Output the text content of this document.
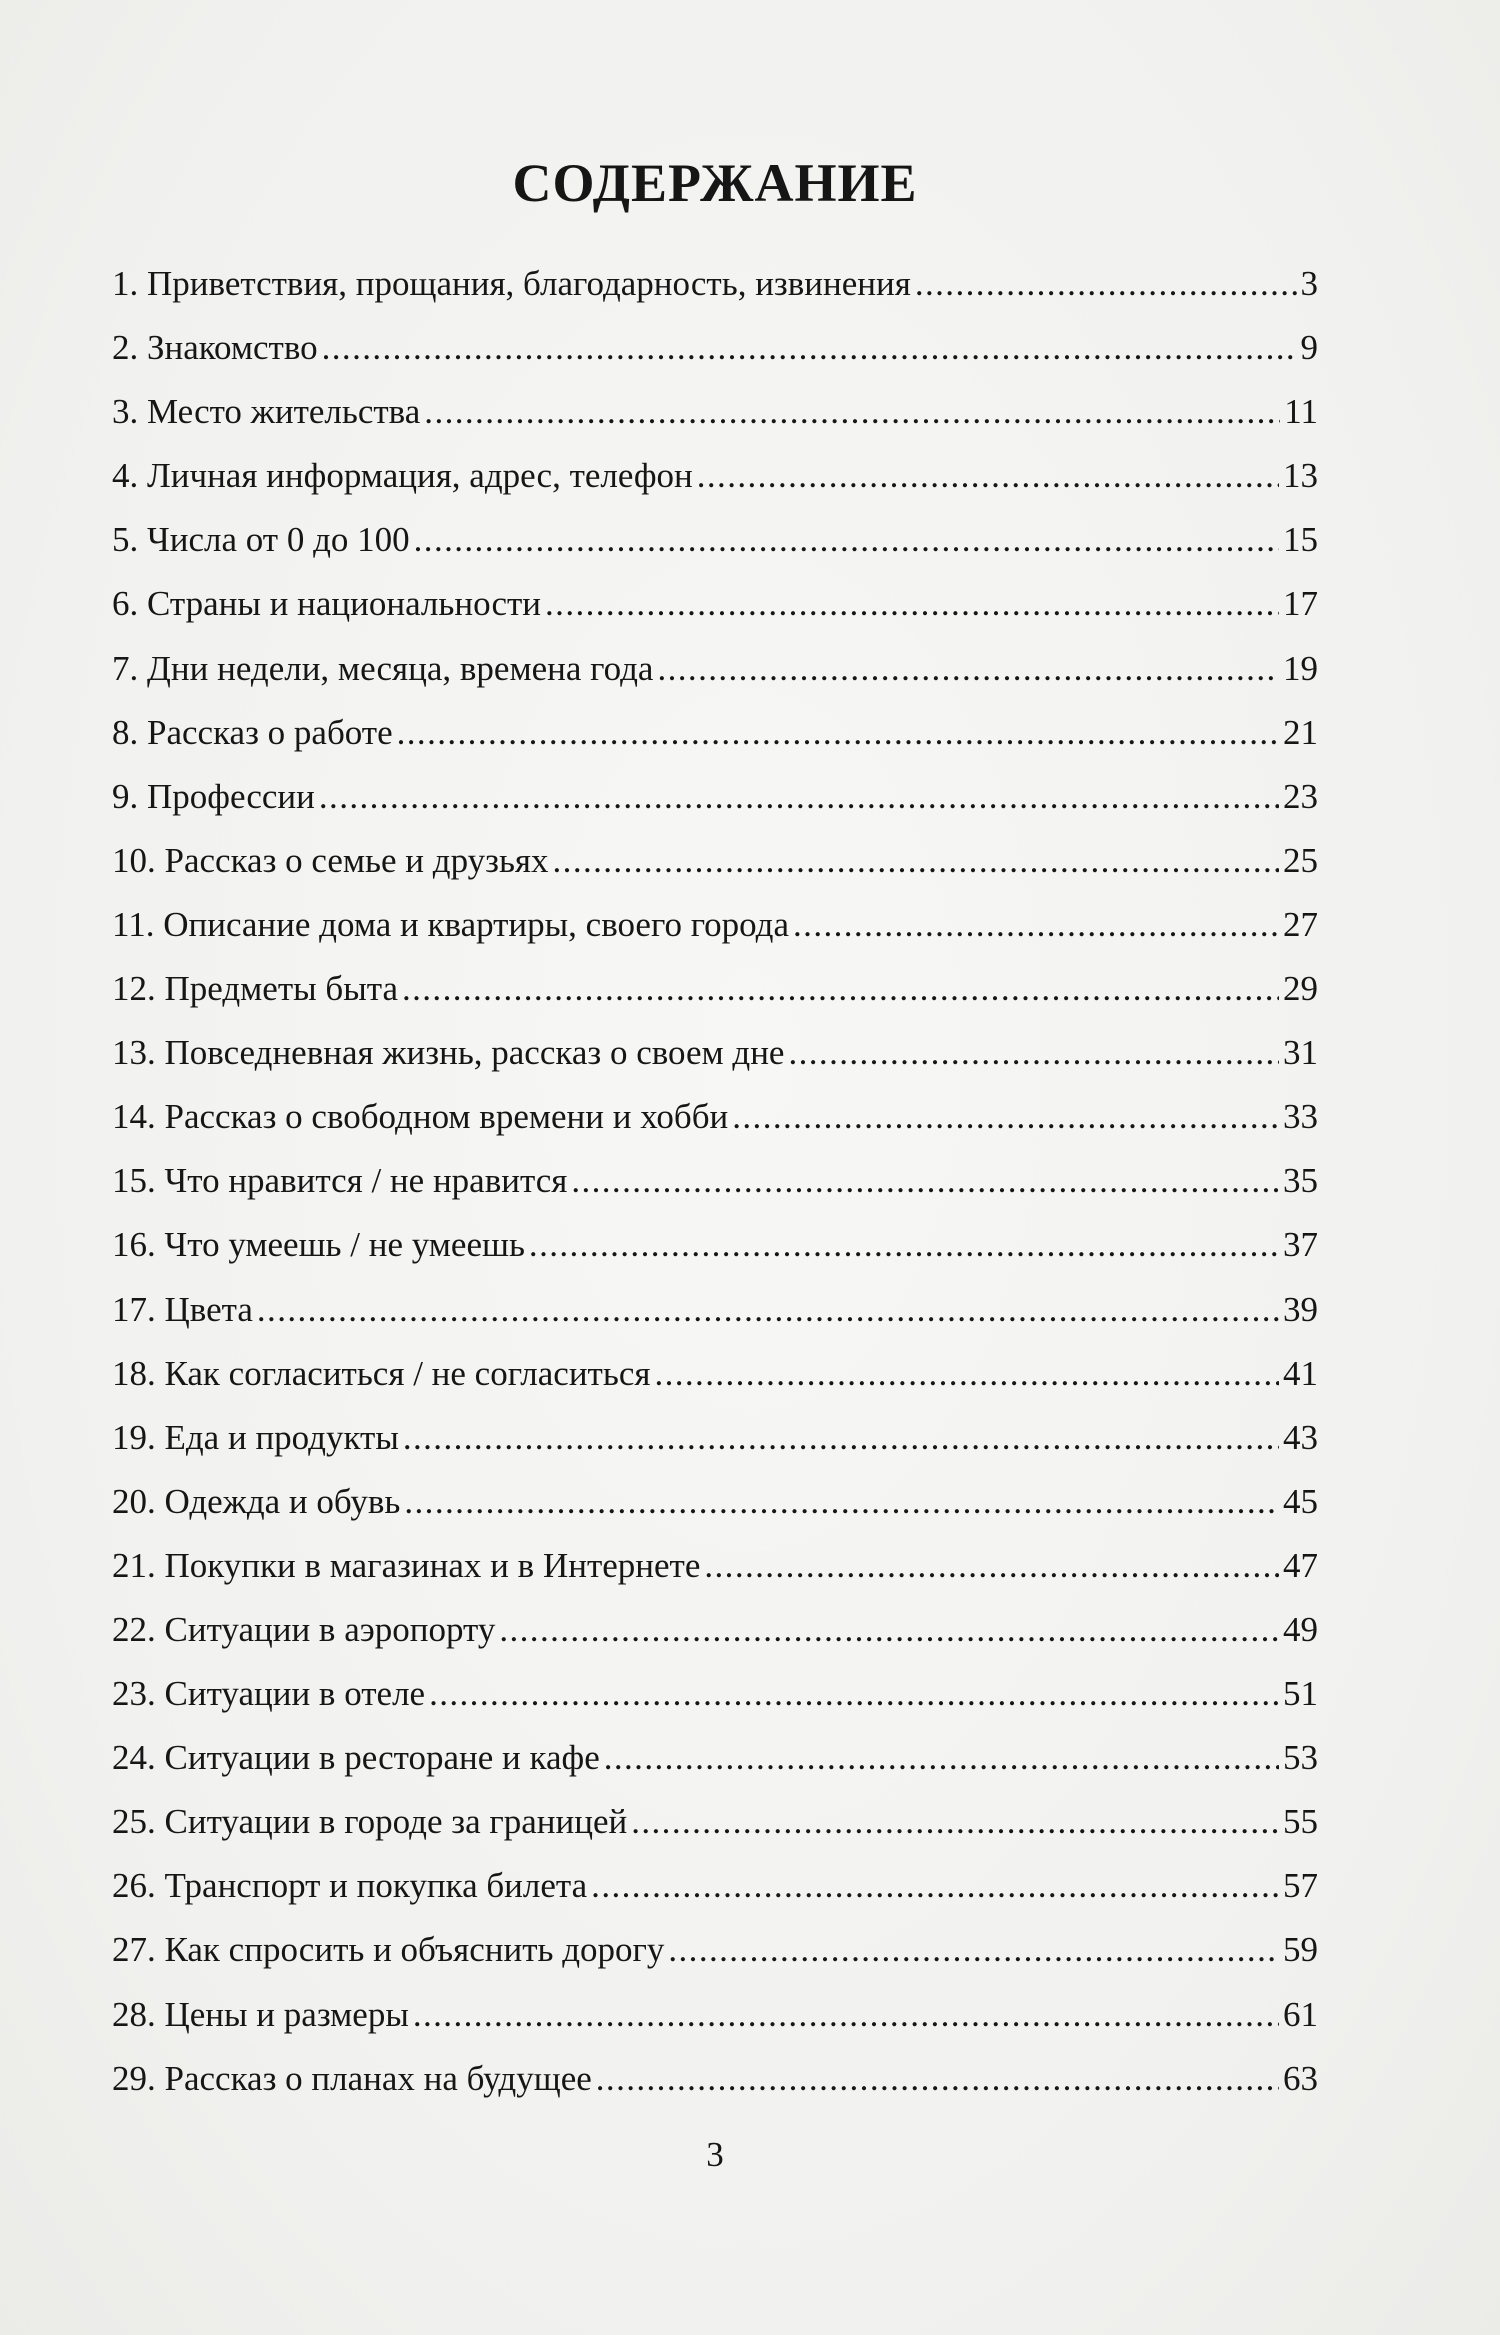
СОДЕРЖАНИЕ
1. Приветствия, прощания, благодарность, извинения .....	3
2. Знакомство .....	9
3. Место жительства .....	11
4. Личная информация, адрес, телефон .....	13
5. Числа от 0 до 100 .....	15
6. Страны и национальности .....	17
7. Дни недели, месяца, времена года .....	19
8. Рассказ о работе .....	21
9. Профессии .....	23
10. Рассказ о семье и друзьях .....	25
11. Описание дома и квартиры, своего города .....	27
12. Предметы быта .....	29
13. Повседневная жизнь, рассказ о своем дне .....	31
14. Рассказ о свободном времени и хобби .....	33
15. Что нравится / не нравится .....	35
16. Что умеешь / не умеешь .....	37
17. Цвета .....	39
18. Как согласиться / не согласиться .....	41
19. Еда и продукты .....	43
20. Одежда и обувь .....	45
21. Покупки в магазинах и в Интернете .....	47
22. Ситуации в аэропорту .....	49
23. Ситуации в отеле .....	51
24. Ситуации в ресторане и кафе .....	53
25. Ситуации в городе за границей .....	55
26. Транспорт и покупка билета .....	57
27. Как спросить и объяснить дорогу .....	59
28. Цены и размеры .....	61
29. Рассказ о планах на будущее .....	63
3
